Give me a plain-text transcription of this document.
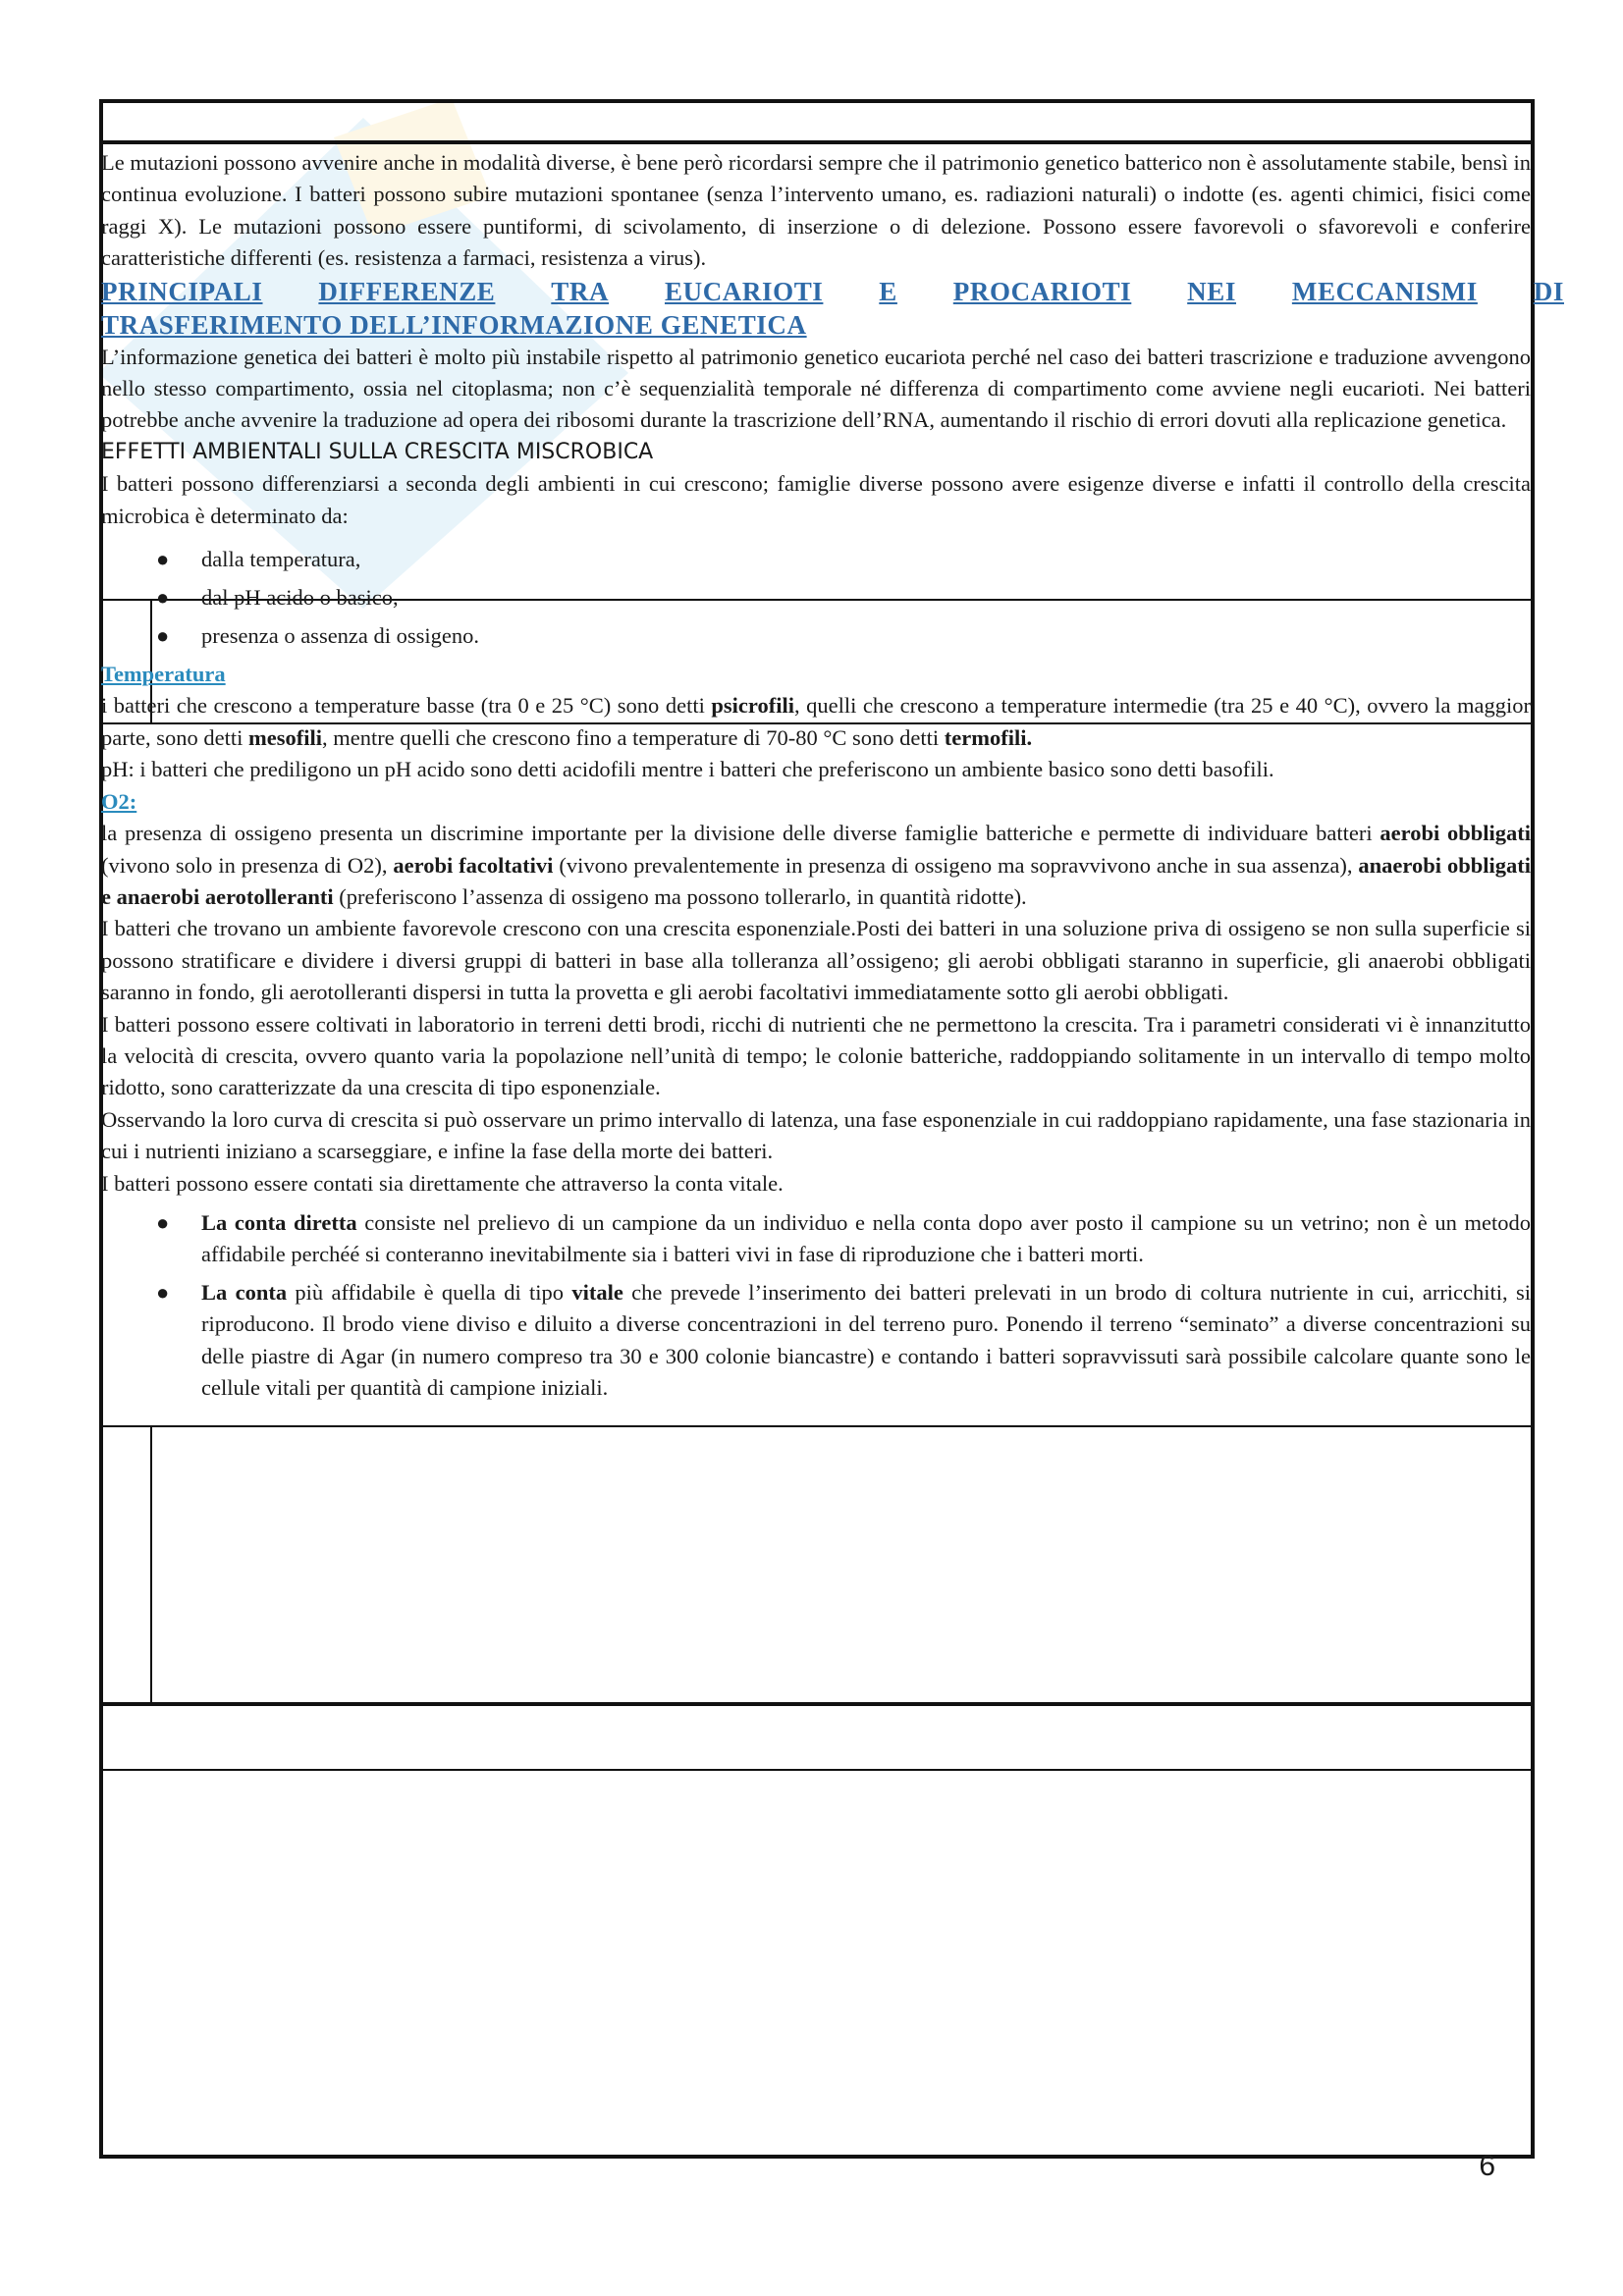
Le mutazioni possono avvenire anche in modalità diverse, è bene però ricordarsi sempre che il patrimonio genetico batterico non è assolutamente stabile, bensì in continua evoluzione. I batteri possono subire mutazioni spontanee (senza l’intervento umano, es. radiazioni naturali) o indotte (es. agenti chimici, fisici come raggi X). Le mutazioni possono essere puntiformi, di scivolamento, di inserzione o di delezione. Possono essere favorevoli o sfavorevoli e conferire caratteristiche differenti (es. resistenza a farmaci, resistenza a virus).

PRINCIPALI DIFFERENZE TRA EUCARIOTI E PROCARIOTI NEI MECCANISMI DI
TRASFERIMENTO DELL’INFORMAZIONE GENETICA

L’informazione genetica dei batteri è molto più instabile rispetto al patrimonio genetico eucariota perché nel caso dei batteri trascrizione e traduzione avvengono nello stesso compartimento, ossia nel citoplasma; non c’è sequenzialità temporale né differenza di compartimento come avviene negli eucarioti. Nei batteri potrebbe anche avvenire la traduzione ad opera dei ribosomi durante la trascrizione dell’RNA, aumentando il rischio di errori dovuti alla replicazione genetica.

EFFETTI AMBIENTALI SULLA CRESCITA MISCROBICA

I batteri possono differenziarsi a seconda degli ambienti in cui crescono; famiglie diverse possono avere esigenze diverse e infatti il controllo della crescita microbica è determinato da:

● dalla temperatura,
● dal pH acido o basico,
● presenza o assenza di ossigeno.
Temperatura

i batteri che crescono a temperature basse (tra 0 e 25 °C) sono detti psicrofili, quelli che crescono a temperature intermedie (tra 25 e 40 °C), ovvero la maggior parte, sono detti mesofili, mentre quelli che crescono fino a temperature di 70-80 °C sono detti termofili.

pH: i batteri che prediligono un pH acido sono detti acidofili mentre i batteri che preferiscono un ambiente basico sono detti basofili.

O2:

la presenza di ossigeno presenta un discrimine importante per la divisione delle diverse famiglie batteriche e permette di individuare batteri aerobi obbligati (vivono solo in presenza di O2), aerobi facoltativi (vivono prevalentemente in presenza di ossigeno ma sopravvivono anche in sua assenza), anaerobi obbligati e anaerobi aerotolleranti (preferiscono l’assenza di ossigeno ma possono tollerarlo, in quantità ridotte).

I batteri che trovano un ambiente favorevole crescono con una crescita esponenziale.Posti dei batteri in una soluzione priva di ossigeno se non sulla superficie si possono stratificare e dividere i diversi gruppi di batteri in base alla tolleranza all’ossigeno; gli aerobi obbligati staranno in superficie, gli anaerobi obbligati saranno in fondo, gli aerotolleranti dispersi in tutta la provetta e gli aerobi facoltativi immediatamente sotto gli aerobi obbligati.

I batteri possono essere coltivati in laboratorio in terreni detti brodi, ricchi di nutrienti che ne permettono la crescita. Tra i parametri considerati vi è innanzitutto la velocità di crescita, ovvero quanto varia la popolazione nell’unità di tempo; le colonie batteriche, raddoppiando solitamente in un intervallo di tempo molto ridotto, sono caratterizzate da una crescita di tipo esponenziale.

Osservando la loro curva di crescita si può osservare un primo intervallo di latenza, una fase esponenziale in cui raddoppiano rapidamente, una fase stazionaria in cui i nutrienti iniziano a scarseggiare, e infine la fase della morte dei batteri.

I batteri possono essere contati sia direttamente che attraverso la conta vitale.

● La conta diretta consiste nel prelievo di un campione da un individuo e nella conta dopo aver posto il campione su un vetrino; non è un metodo affidabile perchéé si conteranno inevitabilmente sia i batteri vivi in fase di riproduzione che i batteri morti.

● La conta più affidabile è quella di tipo vitale che prevede l’inserimento dei batteri prelevati in un brodo di coltura nutriente in cui, arricchiti, si riproducono. Il brodo viene diviso e diluito a diverse concentrazioni in del terreno puro. Ponendo il terreno “seminato” a diverse concentrazioni su delle piastre di Agar (in numero compreso tra 30 e 300 colonie biancastre) e contando i batteri sopravvissuti sarà possibile calcolare quante sono le cellule vitali per quantità di campione iniziali.

6
